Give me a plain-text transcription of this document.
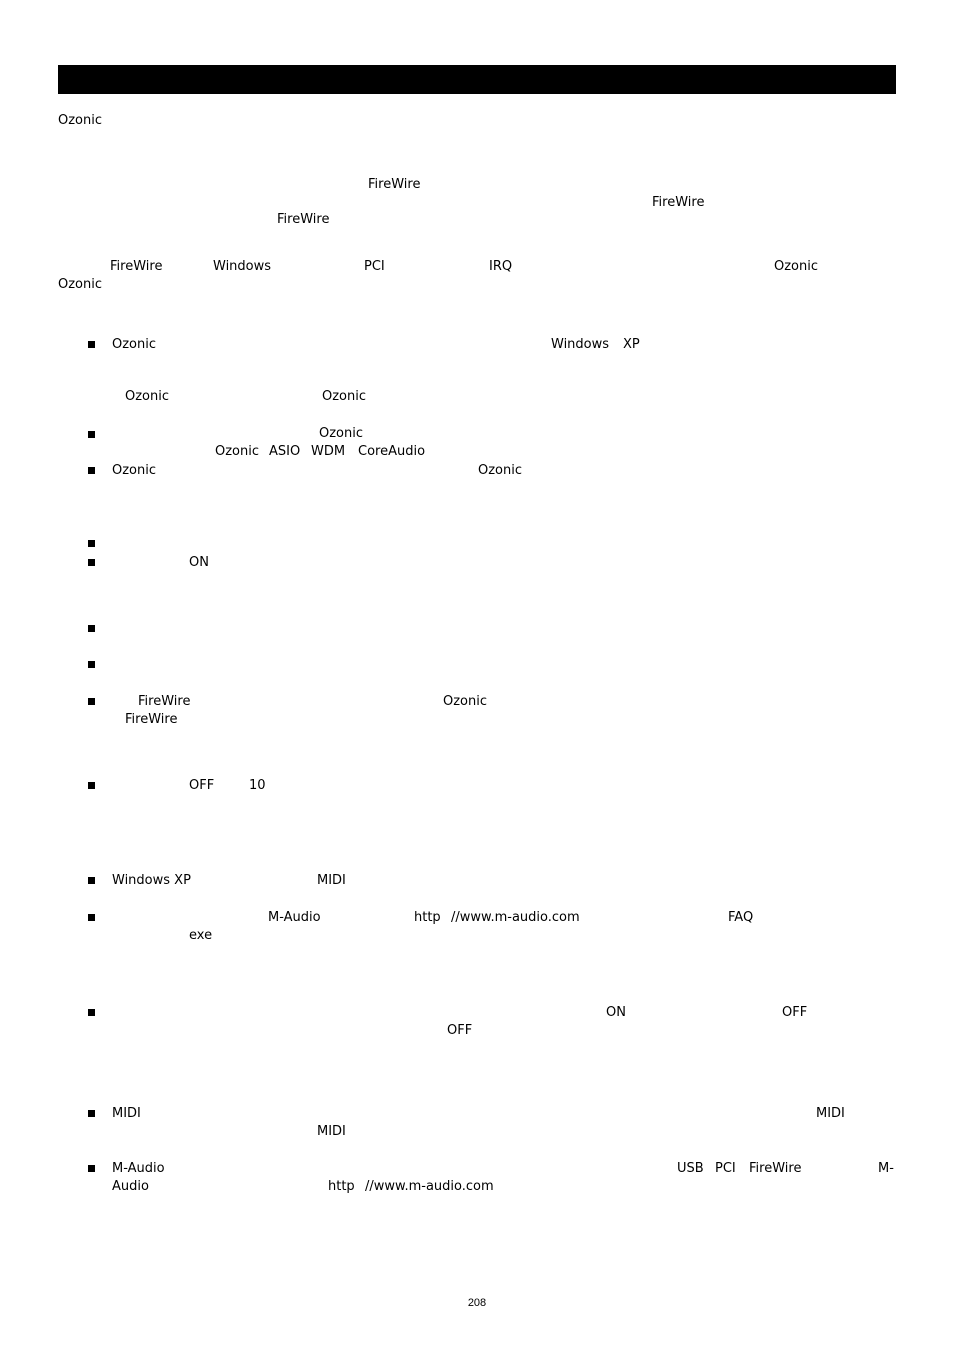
Ozonic
FireWire
FireWire
FireWire
FireWire	Windows	PCI	IRQ	Ozonic
Ozonic
Ozonic	Windows XP
Ozonic	Ozonic
Ozonic
Ozonic ASIO WDM CoreAudio
Ozonic	Ozonic
ON
FireWire	Ozonic
FireWire
OFF	10
Windows XP	MIDI
M-Audio	http //www.m-audio.com	FAQ
exe
ON	OFF
OFF
MIDI	MIDI
MIDI
M-Audio	USB PCI FireWire	M-
Audio	http //www.m-audio.com
208
